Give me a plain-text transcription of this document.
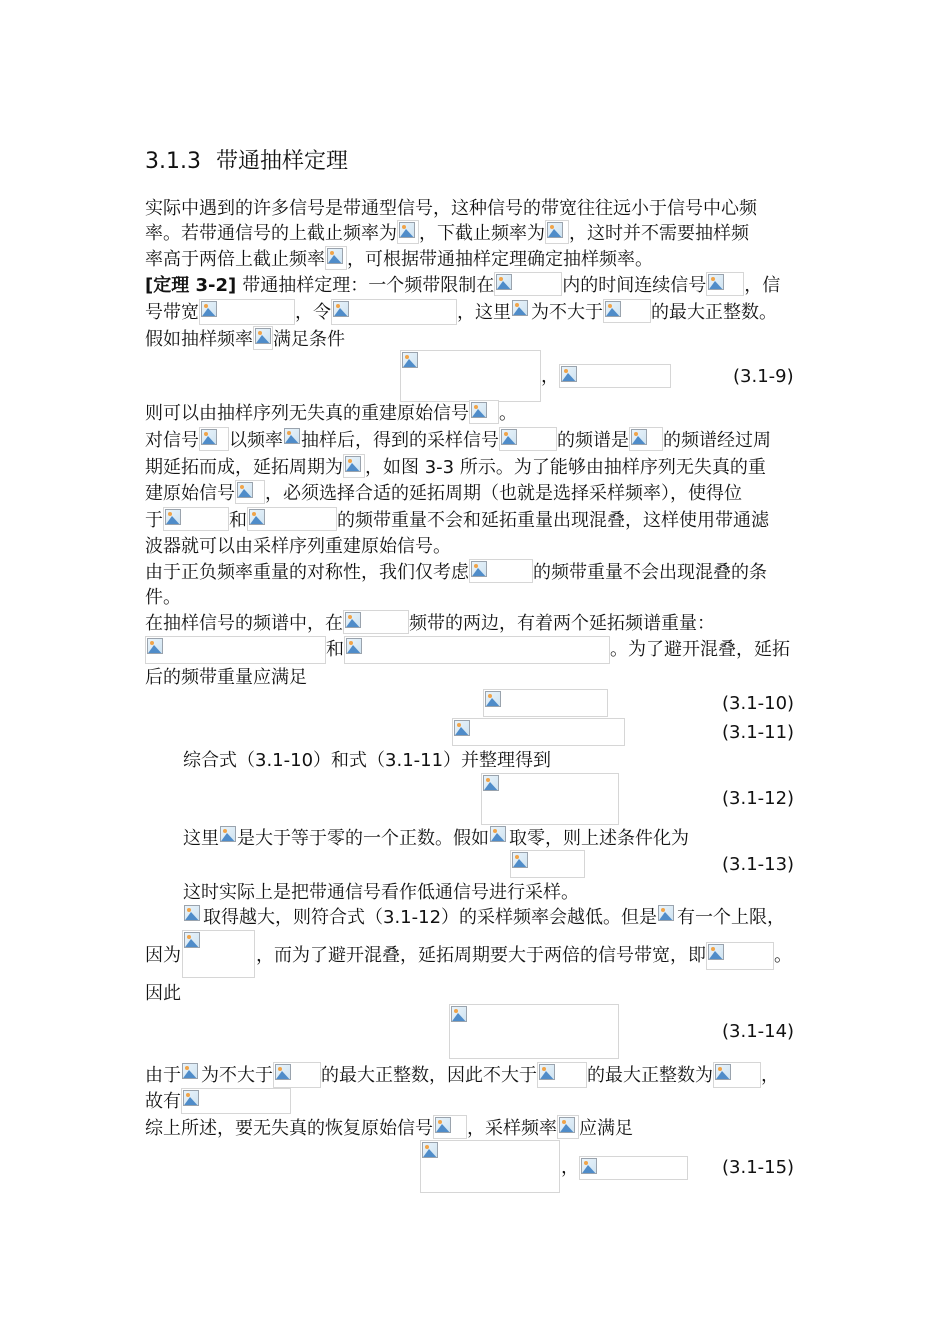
3.1.3 带通抽样定理
实际中遇到的许多信号是带通型信号，这种信号的带宽往往远小于信号中心频
率。若带通信号的上截止频率为 ，下截止频率为 ，这时并不需要抽样频
率高于两倍上截止频率 ，可根据带通抽样定理确定抽样频率。
[定理 3-2] 带通抽样定理：一个频带限制在	内的时间连续信号 ，信
号带宽	，令	，这里 为不大于	的最大正整数。
假如抽样频率 满足条件
，	(3.1-9)
则可以由抽样序列无失真的重建原始信号 。
对信号 以频率 抽样后，得到的采样信号	的频谱是 的频谱经过周
期延拓而成，延拓周期为 ，如图 3-3 所示。为了能够由抽样序列无失真的重
建原始信号 ，必须选择合适的延拓周期（也就是选择采样频率），使得位
于	和	的频带重量不会和延拓重量出现混叠，这样使用带通滤
波器就可以由采样序列重建原始信号。
由于正负频率重量的对称性，我们仅考虑	的频带重量不会出现混叠的条
件。
在抽样信号的频谱中，在	频带的两边，有着两个延拓频谱重量：
和	。为了避开混叠，延拓
后的频带重量应满足
(3.1-10)
(3.1-11)
综合式（3.1-10）和式（3.1-11）并整理得到
(3.1-12)
这里 是大于等于零的一个正数。假如 取零，则上述条件化为
(3.1-13)
这时实际上是把带通信号看作低通信号进行采样。
取得越大，则符合式（3.1-12）的采样频率会越低。但是 有一个上限，
因为	，而为了避开混叠，延拓周期要大于两倍的信号带宽，即	。
因此
(3.1-14)
由于 为不大于	的最大正整数，因此不大于	的最大正整数为	，
故有
综上所述，要无失真的恢复原始信号 ，采样频率 应满足
，	(3.1-15)
